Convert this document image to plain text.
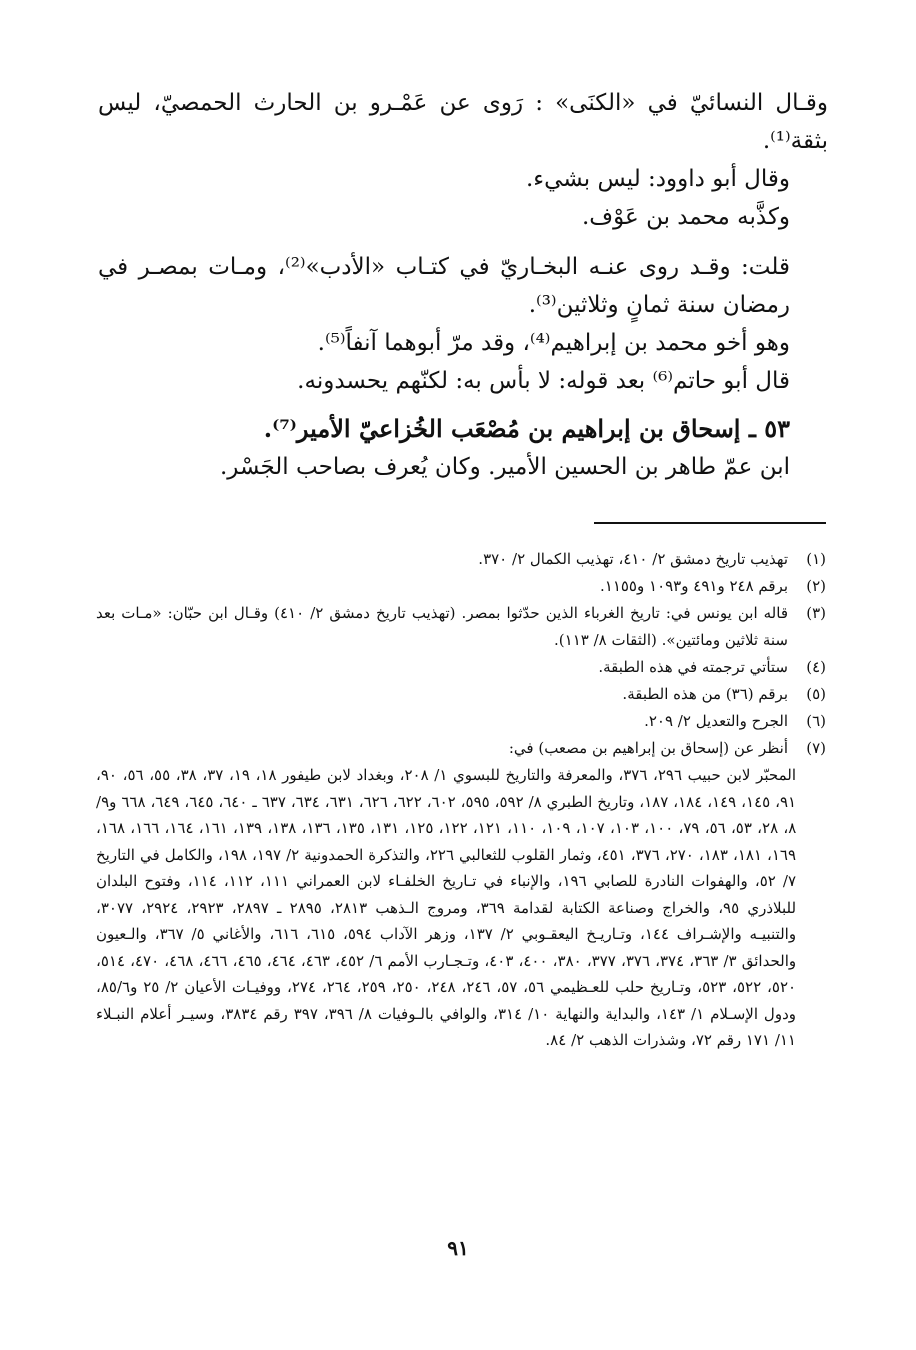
وقـال النسائيّ في «الكنَى» : رَوى عن عَمْـرو بن الحارث الحمصيّ، ليس بثقة⁽¹⁾.

وقال أبو داوود: ليس بشيء.

وكذَّبه محمد بن عَوْف.

قلت: وقـد روى عنـه البخـاريّ في كتـاب «الأدب»⁽²⁾، ومـات بمصـر في رمضان سنة ثمانٍ وثلاثين⁽³⁾.

وهو أخو محمد بن إبراهيم⁽⁴⁾، وقد مرّ أبوهما آنفاً⁽⁵⁾.

قال أبو حاتم⁽⁶⁾ بعد قوله: لا بأس به: لكنّهم يحسدونه.

٥٣ ـ إسحاق بن إبراهيم بن مُصْعَب الخُزاعيّ الأمير⁽⁷⁾.

ابن عمّ طاهر بن الحسين الأمير. وكان يُعرف بصاحب الجَسْر.

(١)
تهذيب تاريخ دمشق ٢/ ٤١٠، تهذيب الكمال ٢/ ٣٧٠.
(٢)
برقم ٢٤٨ و٤٩١ و١٠٩٣ و١١٥٥.
(٣)
قاله ابن يونس في: تاريخ الغرباء الذين حدّثوا بمصر. (تهذيب تاريخ دمشق ٢/ ٤١٠) وقـال ابن حبّان: «مـات بعد سنة ثلاثين ومائتين». (الثقات ٨/ ١١٣).
(٤)
ستأتي ترجمته في هذه الطبقة.
(٥)
برقم (٣٦) من هذه الطبقة.
(٦)
الجرح والتعديل ٢/ ٢٠٩.
(٧)
أنظر عن (إسحاق بن إبراهيم بن مصعب) في:
المحبّر لابن حبيب ٢٩٦، ٣٧٦، والمعرفة والتاريخ للبسوي ١/ ٢٠٨، وبغداد لابن طيفور ١٨، ١٩، ٣٧، ٣٨، ٥٥، ٥٦، ٩٠، ٩١، ١٤٥، ١٤٩، ١٨٤، ١٨٧، وتاريخ الطبري ٨/ ٥٩٢، ٥٩٥، ٦٠٢، ٦٢٢، ٦٢٦، ٦٣١، ٦٣٤، ٦٣٧ ـ ٦٤٠، ٦٤٥، ٦٤٩، ٦٦٨ و٩/ ٨، ٢٨، ٥٣، ٥٦، ٧٩، ١٠٠، ١٠٣، ١٠٧، ١٠٩، ١١٠، ١٢١، ١٢٢، ١٢٥، ١٣١، ١٣٥، ١٣٦، ١٣٨، ١٣٩، ١٦١، ١٦٤، ١٦٦، ١٦٨، ١٦٩، ١٨١، ١٨٣، ٢٧٠، ٣٧٦، ٤٥١، وثمار القلوب للثعالبي ٢٢٦، والتذكرة الحمدونية ٢/ ١٩٧، ١٩٨، والكامل في التاريخ ٧/ ٥٢، والهفوات النادرة للصابي ١٩٦، والإنباء في تـاريخ الخلفـاء لابن العمراني ١١١، ١١٢، ١١٤، وفتوح البلدان للبلاذري ٩٥، والخراج وصناعة الكتابة لقدامة ٣٦٩، ومروج الـذهب ٢٨١٣، ٢٨٩٥ ـ ٢٨٩٧، ٢٩٢٣، ٢٩٢٤، ٣٠٧٧، والتنبيـه والإشـراف ١٤٤، وتـاريـخ اليعقـوبي ٢/ ١٣٧، وزهر الآداب ٥٩٤، ٦١٥، ٦١٦، والأغاني ٥/ ٣٦٧، والـعيون والحدائق ٣/ ٣٦٣، ٣٧٤، ٣٧٦، ٣٧٧، ٣٨٠، ٤٠٠، ٤٠٣، وتـجـارب الأمم ٦/ ٤٥٢، ٤٦٣، ٤٦٤، ٤٦٥، ٤٦٦، ٤٦٨، ٤٧٠، ٥١٤، ٥٢٠، ٥٢٢، ٥٢٣، وتـاريخ حلب للعـظيمي ٥٦، ٥٧، ٢٤٦، ٢٤٨، ٢٥٠، ٢٥٩، ٢٦٤، ٢٧٤، ووفيـات الأعيان ٢/ ٢٥ و٨٥/٦، ودول الإسـلام ١/ ١٤٣، والبداية والنهاية ١٠/ ٣١٤، والوافي بالـوفيات ٨/ ٣٩٦، ٣٩٧ رقم ٣٨٣٤، وسيـر أعلام النبـلاء ١١/ ١٧١ رقم ٧٢، وشذرات الذهب ٢/ ٨٤.
٩١
